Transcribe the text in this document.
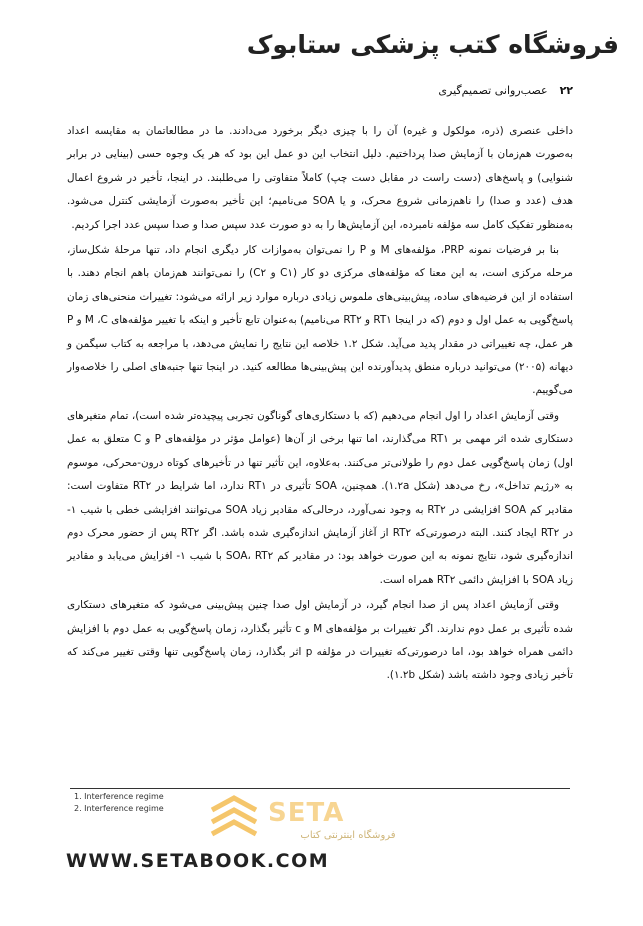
فروشگاه کتب پزشکی ستابوک
۲۲
عصب‌روانی تصمیم‌گیری

داخلی عنصری (ذره، مولکول و غیره) آن را با چیزی دیگر برخورد می‌دادند. ما در مطالعاتمان به مقایسه اعداد به‌صورت هم‌زمان با آزمایش صدا پرداختیم. دلیل انتخاب این دو عمل این بود که هر یک وجوه حسی (بینایی در برابر شنوایی) و پاسخ‌های (دست راست در مقابل دست چپ) کاملاً متفاوتی را می‌طلبند. در اینجا، تأخیر در شروع اعمال هدف (عدد و صدا) را ناهم‌زمانی شروع محرک، و یا SOA می‌نامیم؛ این تأخیر به‌صورت آزمایشی کنترل می‌شود. به‌منظور تفکیک کامل سه مؤلفه نامبرده، این آزمایش‌ها را به دو صورت عدد سپس صدا و صدا سپس عدد اجرا کردیم.

بنا بر فرضیات نمونه PRP، مؤلفه‌های M و P را نمی‌توان به‌موازات کار دیگری انجام داد، تنها مرحلهٔ شکل‌ساز، مرحله مرکزی است، به این معنا که مؤلفه‌های مرکزی دو کار (C۱ و C۲) را نمی‌توانند هم‌زمان باهم انجام دهند. با استفاده از این فرضیه‌های ساده، پیش‌بینی‌های ملموس زیادی درباره موارد زیر ارائه می‌شود: تغییرات منحنی‌های زمان پاسخ‌گویی به عمل اول و دوم (که در اینجا RT۱ و RT۲ می‌نامیم) به‌عنوان تابع تأخیر و اینکه با تغییر مؤلفه‌های M ،C و P هر عمل، چه تغییراتی در مقدار پدید می‌آید. شکل ۱.۲ خلاصه این نتایج را نمایش می‌دهد، با مراجعه به کتاب سیگمن و دیهانه (۲۰۰۵) می‌توانید درباره منطق پدیدآورنده این پیش‌بینی‌ها مطالعه کنید. در اینجا تنها جنبه‌های اصلی را خلاصه‌وار می‌گوییم.

وقتی آزمایش اعداد را اول انجام می‌دهیم (که با دستکاری‌های گوناگون تجربی پیچیده‌تر شده است)، تمام متغیرهای دستکاری شده اثر مهمی بر RT۱ می‌گذارند، اما تنها برخی از آن‌ها (عوامل مؤثر در مؤلفه‌های P و C متعلق به عمل اول) زمان پاسخ‌گویی عمل دوم را طولانی‌تر می‌کنند. به‌علاوه، این تأثیر تنها در تأخیرهای کوتاه درون-محرکی، موسوم به «رژیم تداخل»، رخ می‌دهد (شکل ۱.۲a). همچنین، SOA تأثیری در RT۱ ندارد، اما شرایط در RT۲ متفاوت است: مقادیر کم SOA افزایشی در RT۲ به وجود نمی‌آورد، درحالی‌که مقادیر زیاد SOA می‌توانند افزایشی خطی با شیب ۱- در RT۲ ایجاد کنند. البته درصورتی‌که RT۲ از آغاز آزمایش اندازه‌گیری شده باشد. اگر RT۲ پس از حضور محرک دوم اندازه‌گیری شود، نتایج نمونه به این صورت خواهد بود: در مقادیر کم SOA، RT۲ با شیب ۱- افزایش می‌یابد و مقادیر زیاد SOA با افزایش دائمی RT۲ همراه است.

وقتی آزمایش اعداد پس از صدا انجام گیرد، در آزمایش اول صدا چنین پیش‌بینی می‌شود که متغیرهای دستکاری شده تأثیری بر عمل دوم ندارند. اگر تغییرات بر مؤلفه‌های M و c تأثیر بگذارد، زمان پاسخ‌گویی به عمل دوم با افزایش دائمی همراه خواهد بود، اما درصورتی‌که تغییرات در مؤلفه p اثر بگذارد، زمان پاسخ‌گویی تنها وقتی تغییر می‌کند که تأخیر زیادی وجود داشته باشد (شکل ۱.۲b).

1. Interference regime
2. Interference regime	SETA
فروشگاه اینترنتی کتاب
WWW.SETABOOK.COM
